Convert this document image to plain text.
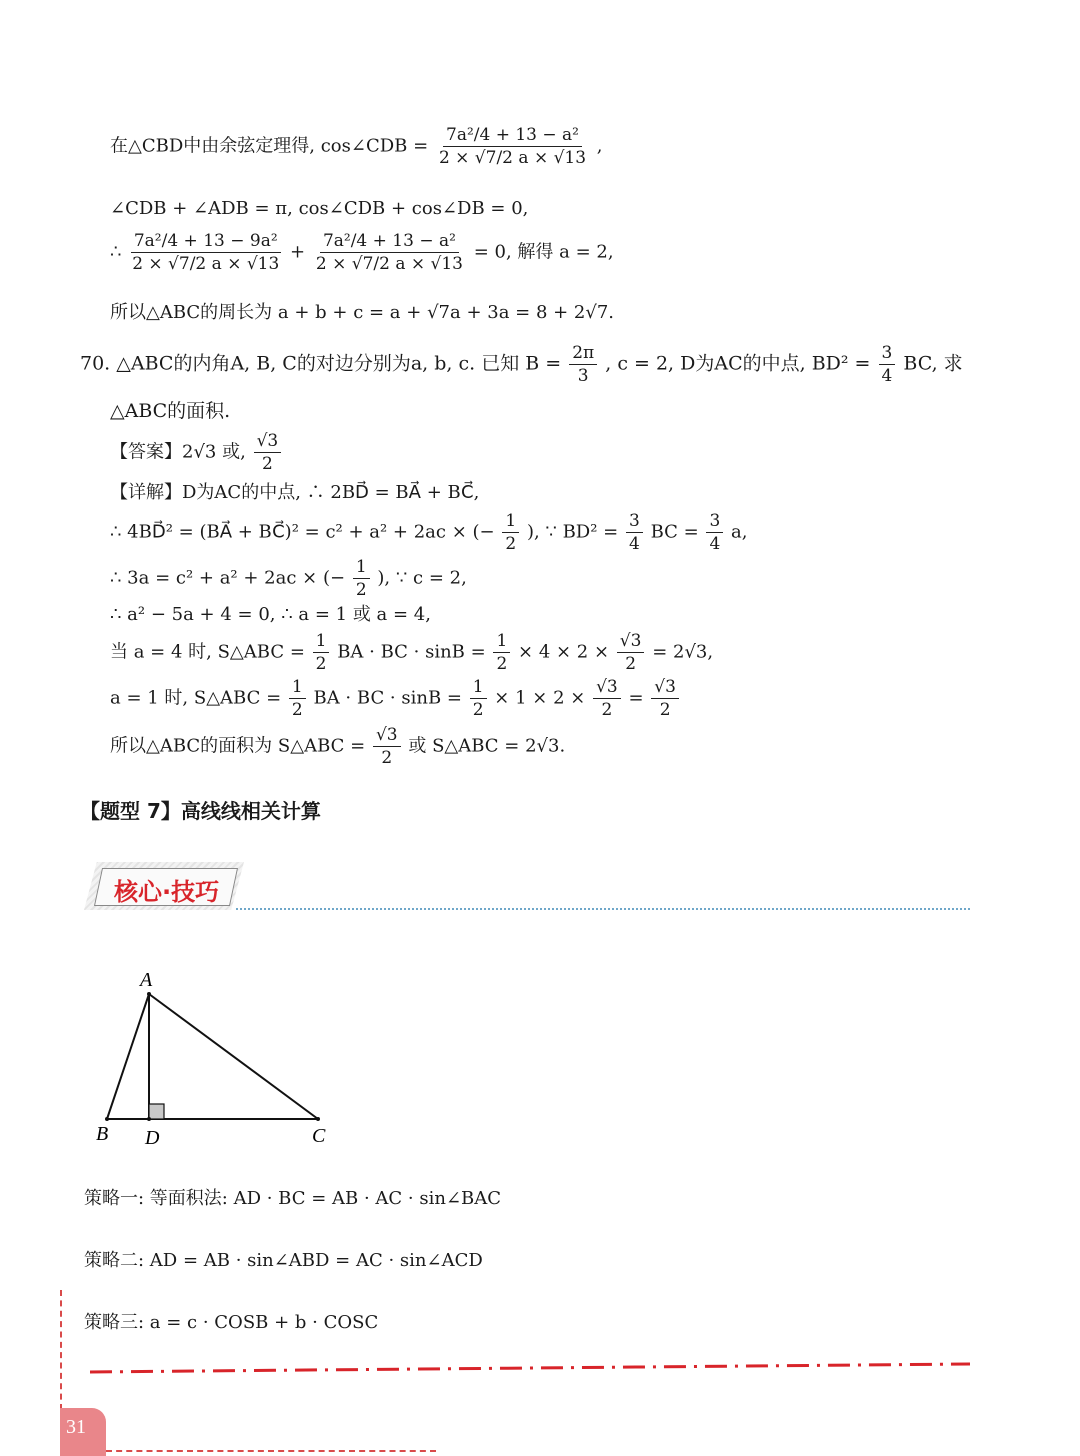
在△CBD中由余弦定理得, cos∠CDB = $\frac{\text{7a²/4 + 13 − a²}}{2 \times √7/2 a \times √13}$ ,
∠CDB + ∠ADB = π, cos∠CDB + cos∠DB = 0,
∴ $\frac{\text{7a²/4 + 13 − 9a²}}{2 \times √7/2 a \times √13} + \frac{\text{7a²/4 + 13 − a²}}{2 \times √7/2 a \times √13} = 0$, 解得 a = 2,
所以△ABC的周长为 a + b + c = a + √7a + 3a = 8 + 2√7.
70. △ABC的内角A, B, C的对边分别为a, b, c. 已知 $B = \frac{2\pi}{3}$ , c = 2, D为AC的中点, $BD^2 = \frac{3}{4}$ BC, 求
△ABC的面积.
【答案】2√3 或, $\frac{√3}{2}$
【详解】D为AC的中点, ∴ 2BD⃗ = BA⃗ + BC⃗,
∴ 4BD⃗² = (BA⃗ + BC⃗)² = c² + a² + 2ac × (− $\frac{1}{2}$ ), ∵ $BD^2 = \frac{3}{4}$ BC = $\frac{3}{4} a$,
∴ 3a = c² + a² + 2ac × (− $\frac{1}{2}$ ), ∵ c = 2,
∴ a² − 5a + 4 = 0, ∴ a = 1 或 a = 4,
当 a = 4 时, S△ABC = $\frac{1}{2}$ BA · BC · $\sin B = \frac{1}{2} \times 4 \times 2 \times \frac{√3}{2} = 2√3$,
a = 1 时, S△ABC = $\frac{1}{2}$ BA · BC · $\sin B = \frac{1}{2} \times 1 \times 2 \times \frac{√3}{2} = \frac{√3}{2}$
所以△ABC的面积为 S△ABC = $\frac{√3}{2}$ 或 S△ABC = 2√3.
【题型 7】高线线相关计算
核心·技巧
A
B D	C
策略一: 等面积法: AD · BC = AB · AC · sin∠BAC
策略二: AD = AB · sin∠ABD = AC · sin∠ACD
策略三: a = c · COSB + b · COSC
31
